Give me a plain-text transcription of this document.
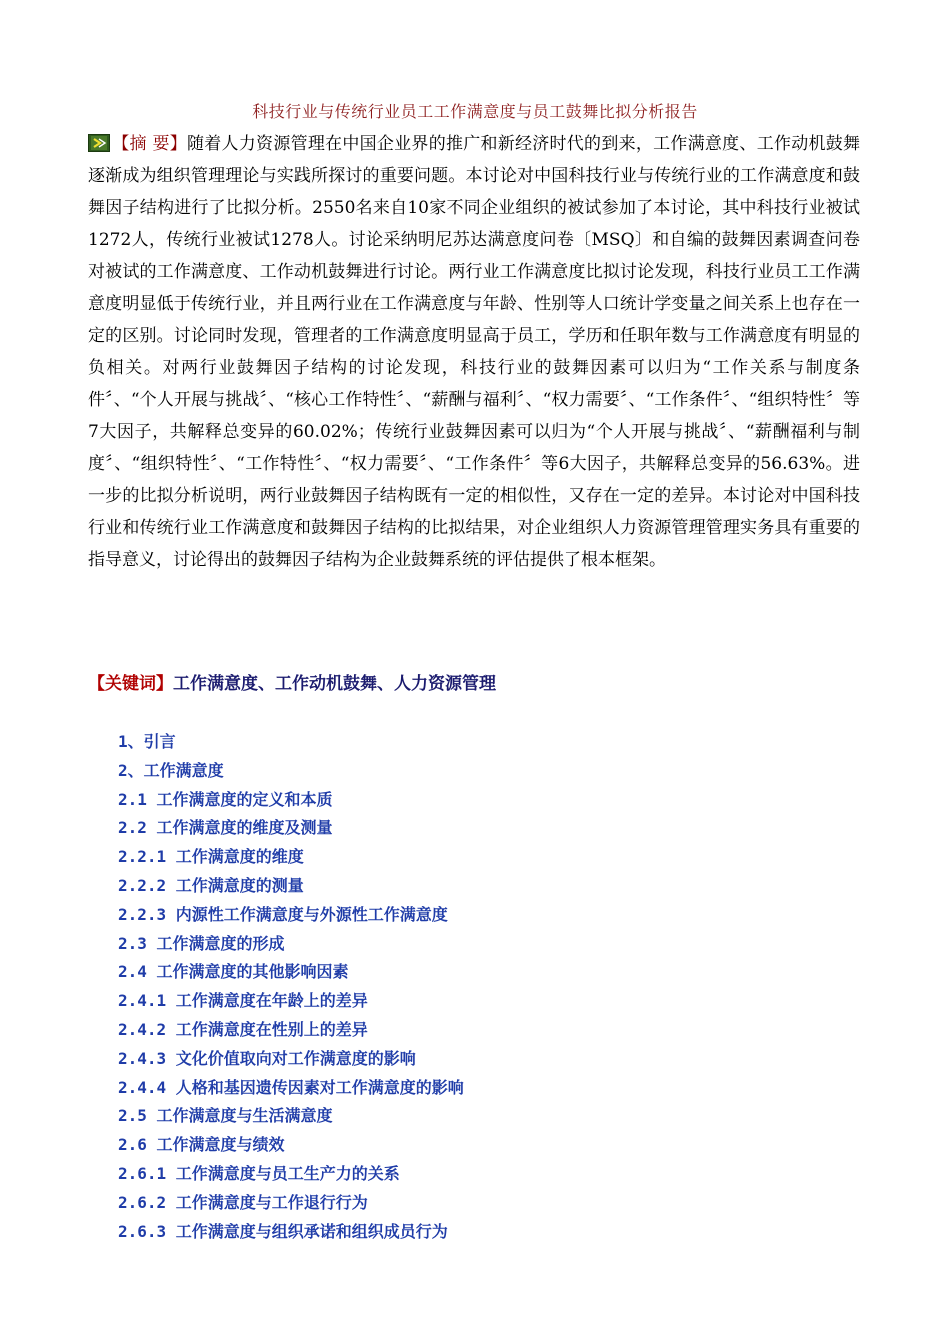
科技行业与传统行业员工工作满意度与员工鼓舞比拟分析报告
【摘 要】随着人力资源管理在中国企业界的推广和新经济时代的到来，工作满意度、工作动机鼓舞逐渐成为组织管理理论与实践所探讨的重要问题。本讨论对中国科技行业与传统行业的工作满意度和鼓舞因子结构进行了比拟分析。2550名来自10家不同企业组织的被试参加了本讨论，其中科技行业被试1272人，传统行业被试1278人。讨论采纳明尼苏达满意度问卷〔MSQ〕和自编的鼓舞因素调查问卷对被试的工作满意度、工作动机鼓舞进行讨论。两行业工作满意度比拟讨论发现，科技行业员工工作满意度明显低于传统行业，并且两行业在工作满意度与年龄、性别等人口统计学变量之间关系上也存在一定的区别。讨论同时发现，管理者的工作满意度明显高于员工，学历和任职年数与工作满意度有明显的负相关。对两行业鼓舞因子结构的讨论发现，科技行业的鼓舞因素可以归为“工作关系与制度条件〞、“个人开展与挑战〞、“核心工作特性〞、“薪酬与福利〞、“权力需要〞、“工作条件〞、“组织特性〞等7大因子，共解释总变异的60.02%；传统行业鼓舞因素可以归为“个人开展与挑战〞、“薪酬福利与制度〞、“组织特性〞、“工作特性〞、“权力需要〞、“工作条件〞等6大因子，共解释总变异的56.63%。进一步的比拟分析说明，两行业鼓舞因子结构既有一定的相似性，又存在一定的差异。本讨论对中国科技行业和传统行业工作满意度和鼓舞因子结构的比拟结果，对企业组织人力资源管理管理实务具有重要的指导意义，讨论得出的鼓舞因子结构为企业鼓舞系统的评估提供了根本框架。
【关键词】工作满意度、工作动机鼓舞、人力资源管理
1、引言
2、工作满意度
2.1 工作满意度的定义和本质
2.2 工作满意度的维度及测量
2.2.1 工作满意度的维度
2.2.2 工作满意度的测量
2.2.3 内源性工作满意度与外源性工作满意度
2.3 工作满意度的形成
2.4 工作满意度的其他影响因素
2.4.1 工作满意度在年龄上的差异
2.4.2 工作满意度在性别上的差异
2.4.3 文化价值取向对工作满意度的影响
2.4.4 人格和基因遗传因素对工作满意度的影响
2.5 工作满意度与生活满意度
2.6 工作满意度与绩效
2.6.1 工作满意度与员工生产力的关系
2.6.2 工作满意度与工作退行行为
2.6.3 工作满意度与组织承诺和组织成员行为
